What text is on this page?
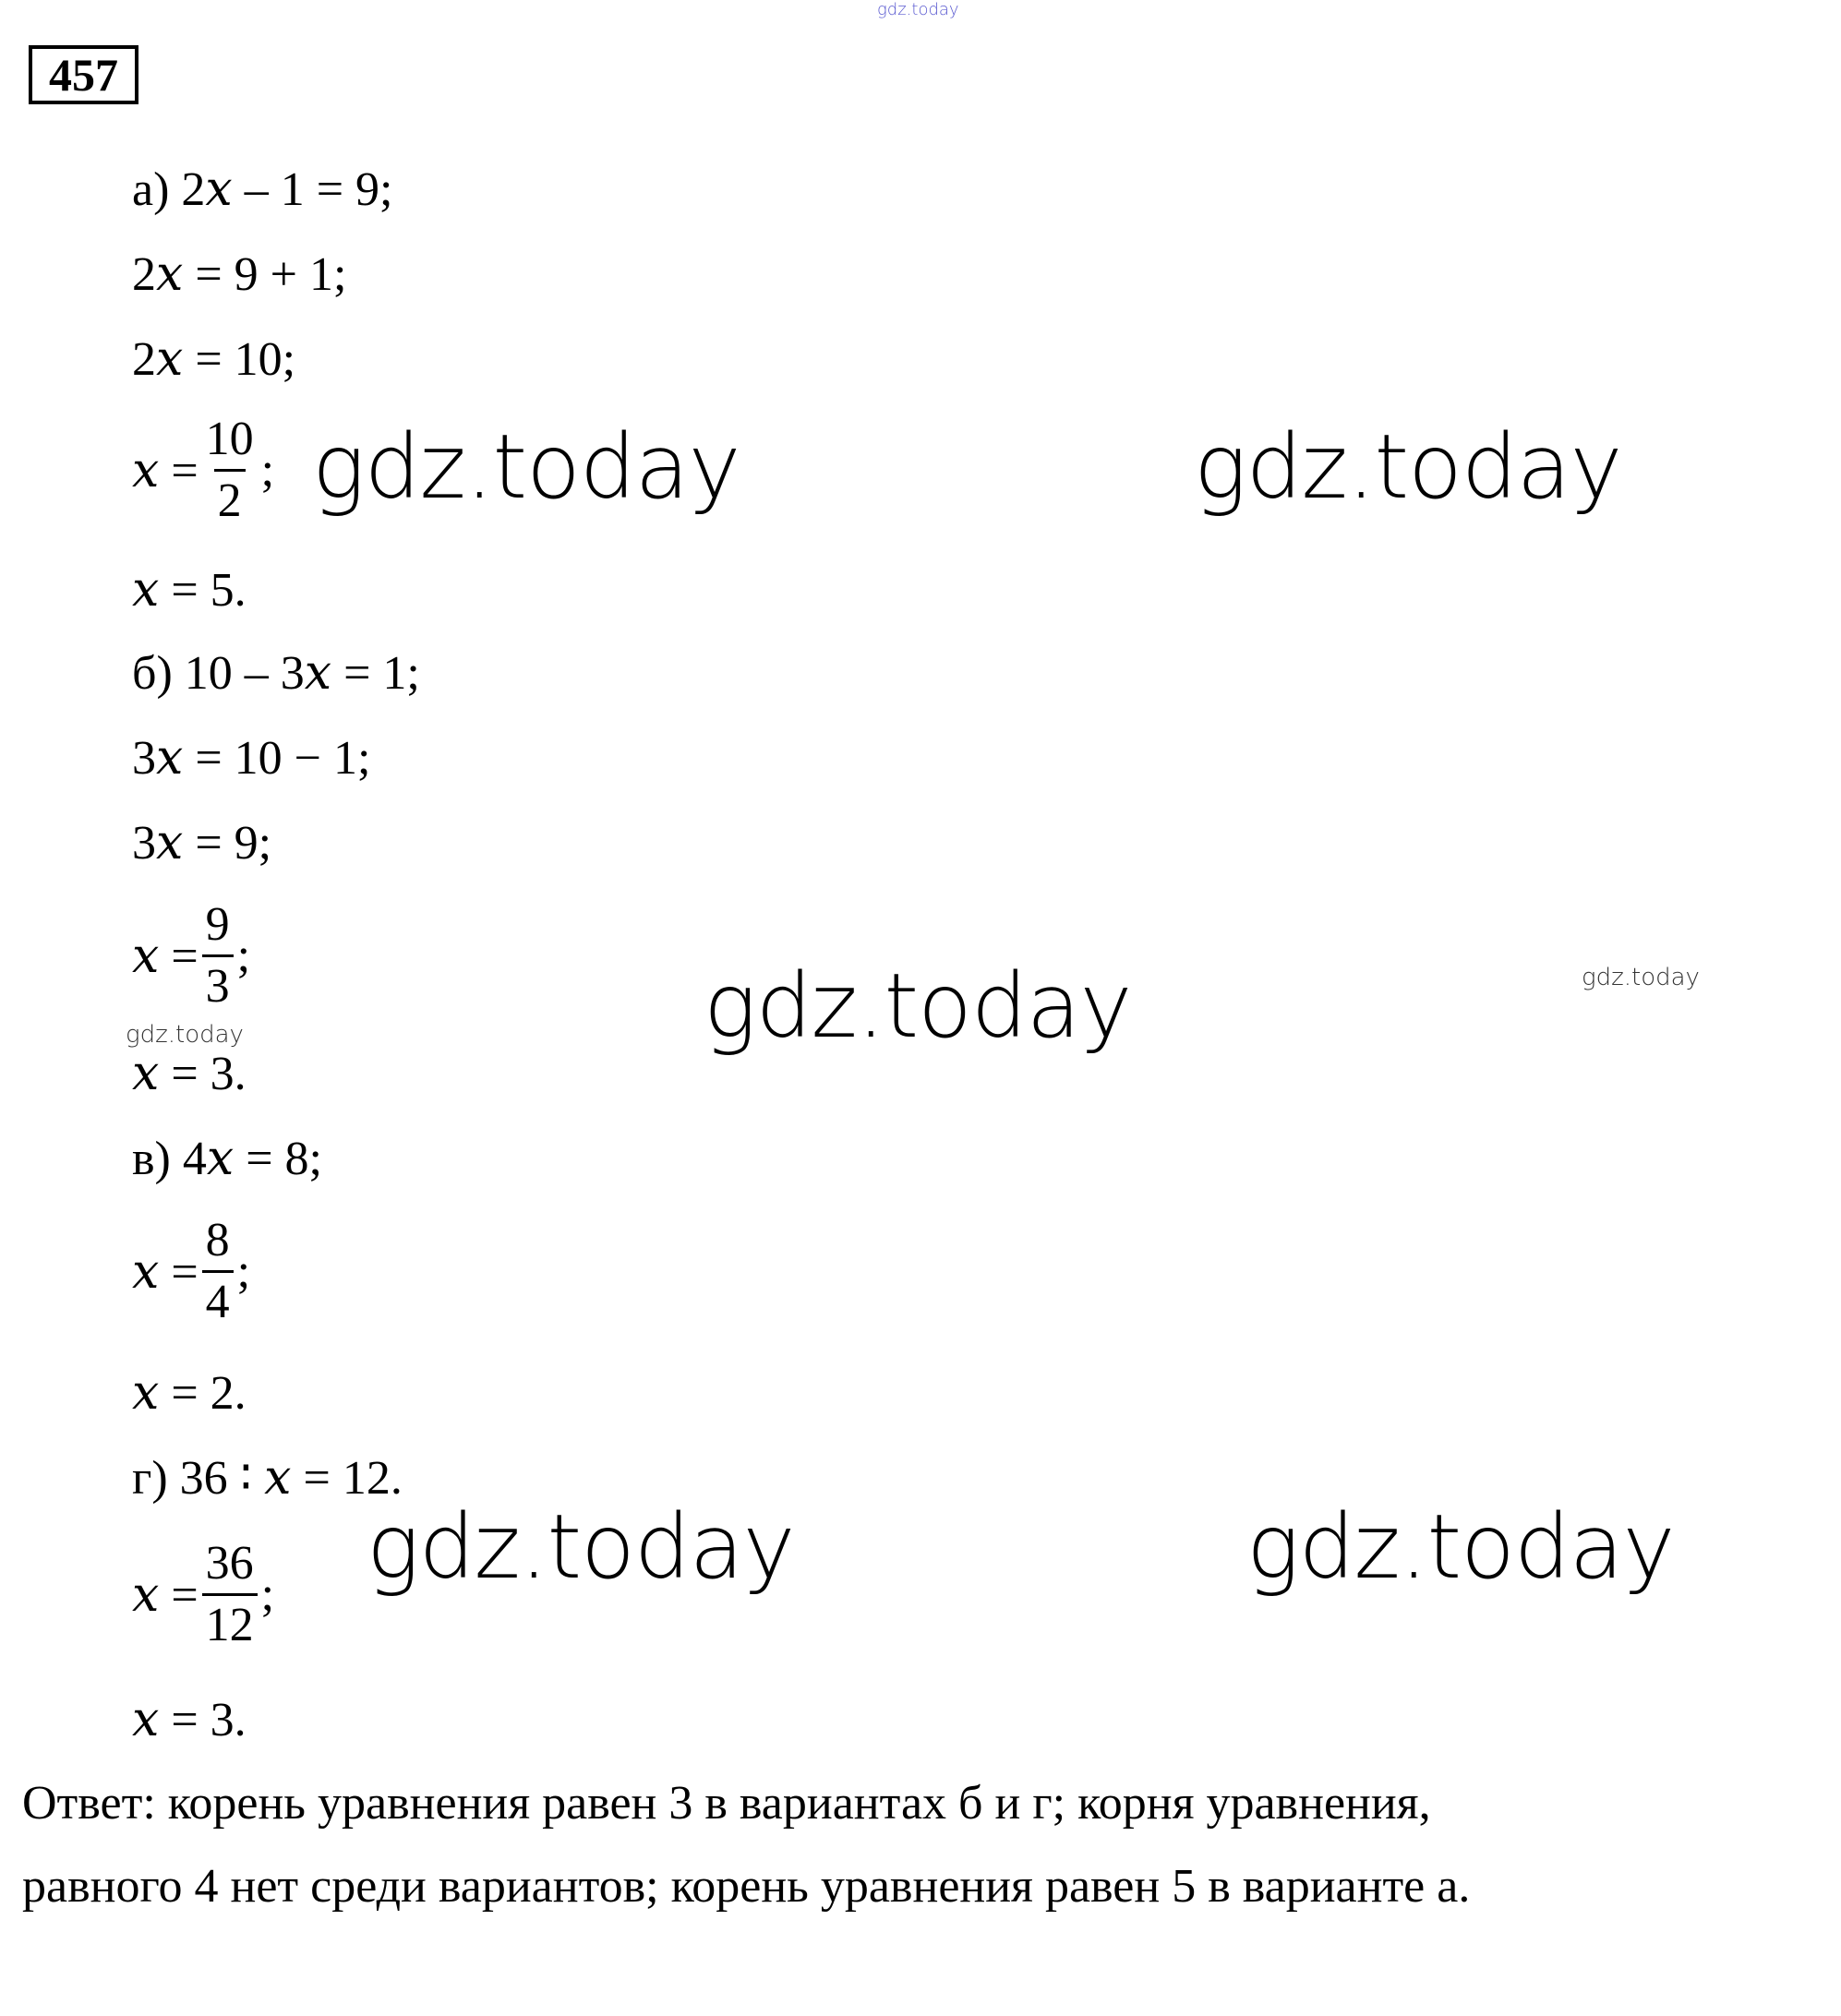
gdz.today
gdz.today	gdz.today
gdz.today
gdz.today	gdz.today
gdz.today
gdz.today
457
а) 2𝑥 – 1 = 9;
2𝑥 = 9 + 1;
2𝑥 = 10;
𝑥 = $\frac{10}{2}$ ;
𝑥 = 5.
б) 10 – 3𝑥 = 1;
3𝑥 = 10 − 1;
3𝑥 = 9;
𝑥 = $\frac{9}{3}$ ;
𝑥 = 3.
в) 4𝑥 = 8;
𝑥 = $\frac{8}{4}$ ;
𝑥 = 2.
г) 36 ∶ 𝑥 = 12.
𝑥 = $\frac{36}{12}$ ;
𝑥 = 3.
Ответ: корень уравнения равен 3 в вариантах б и г; корня уравнения,
равного 4 нет среди вариантов; корень уравнения равен 5 в варианте а.
